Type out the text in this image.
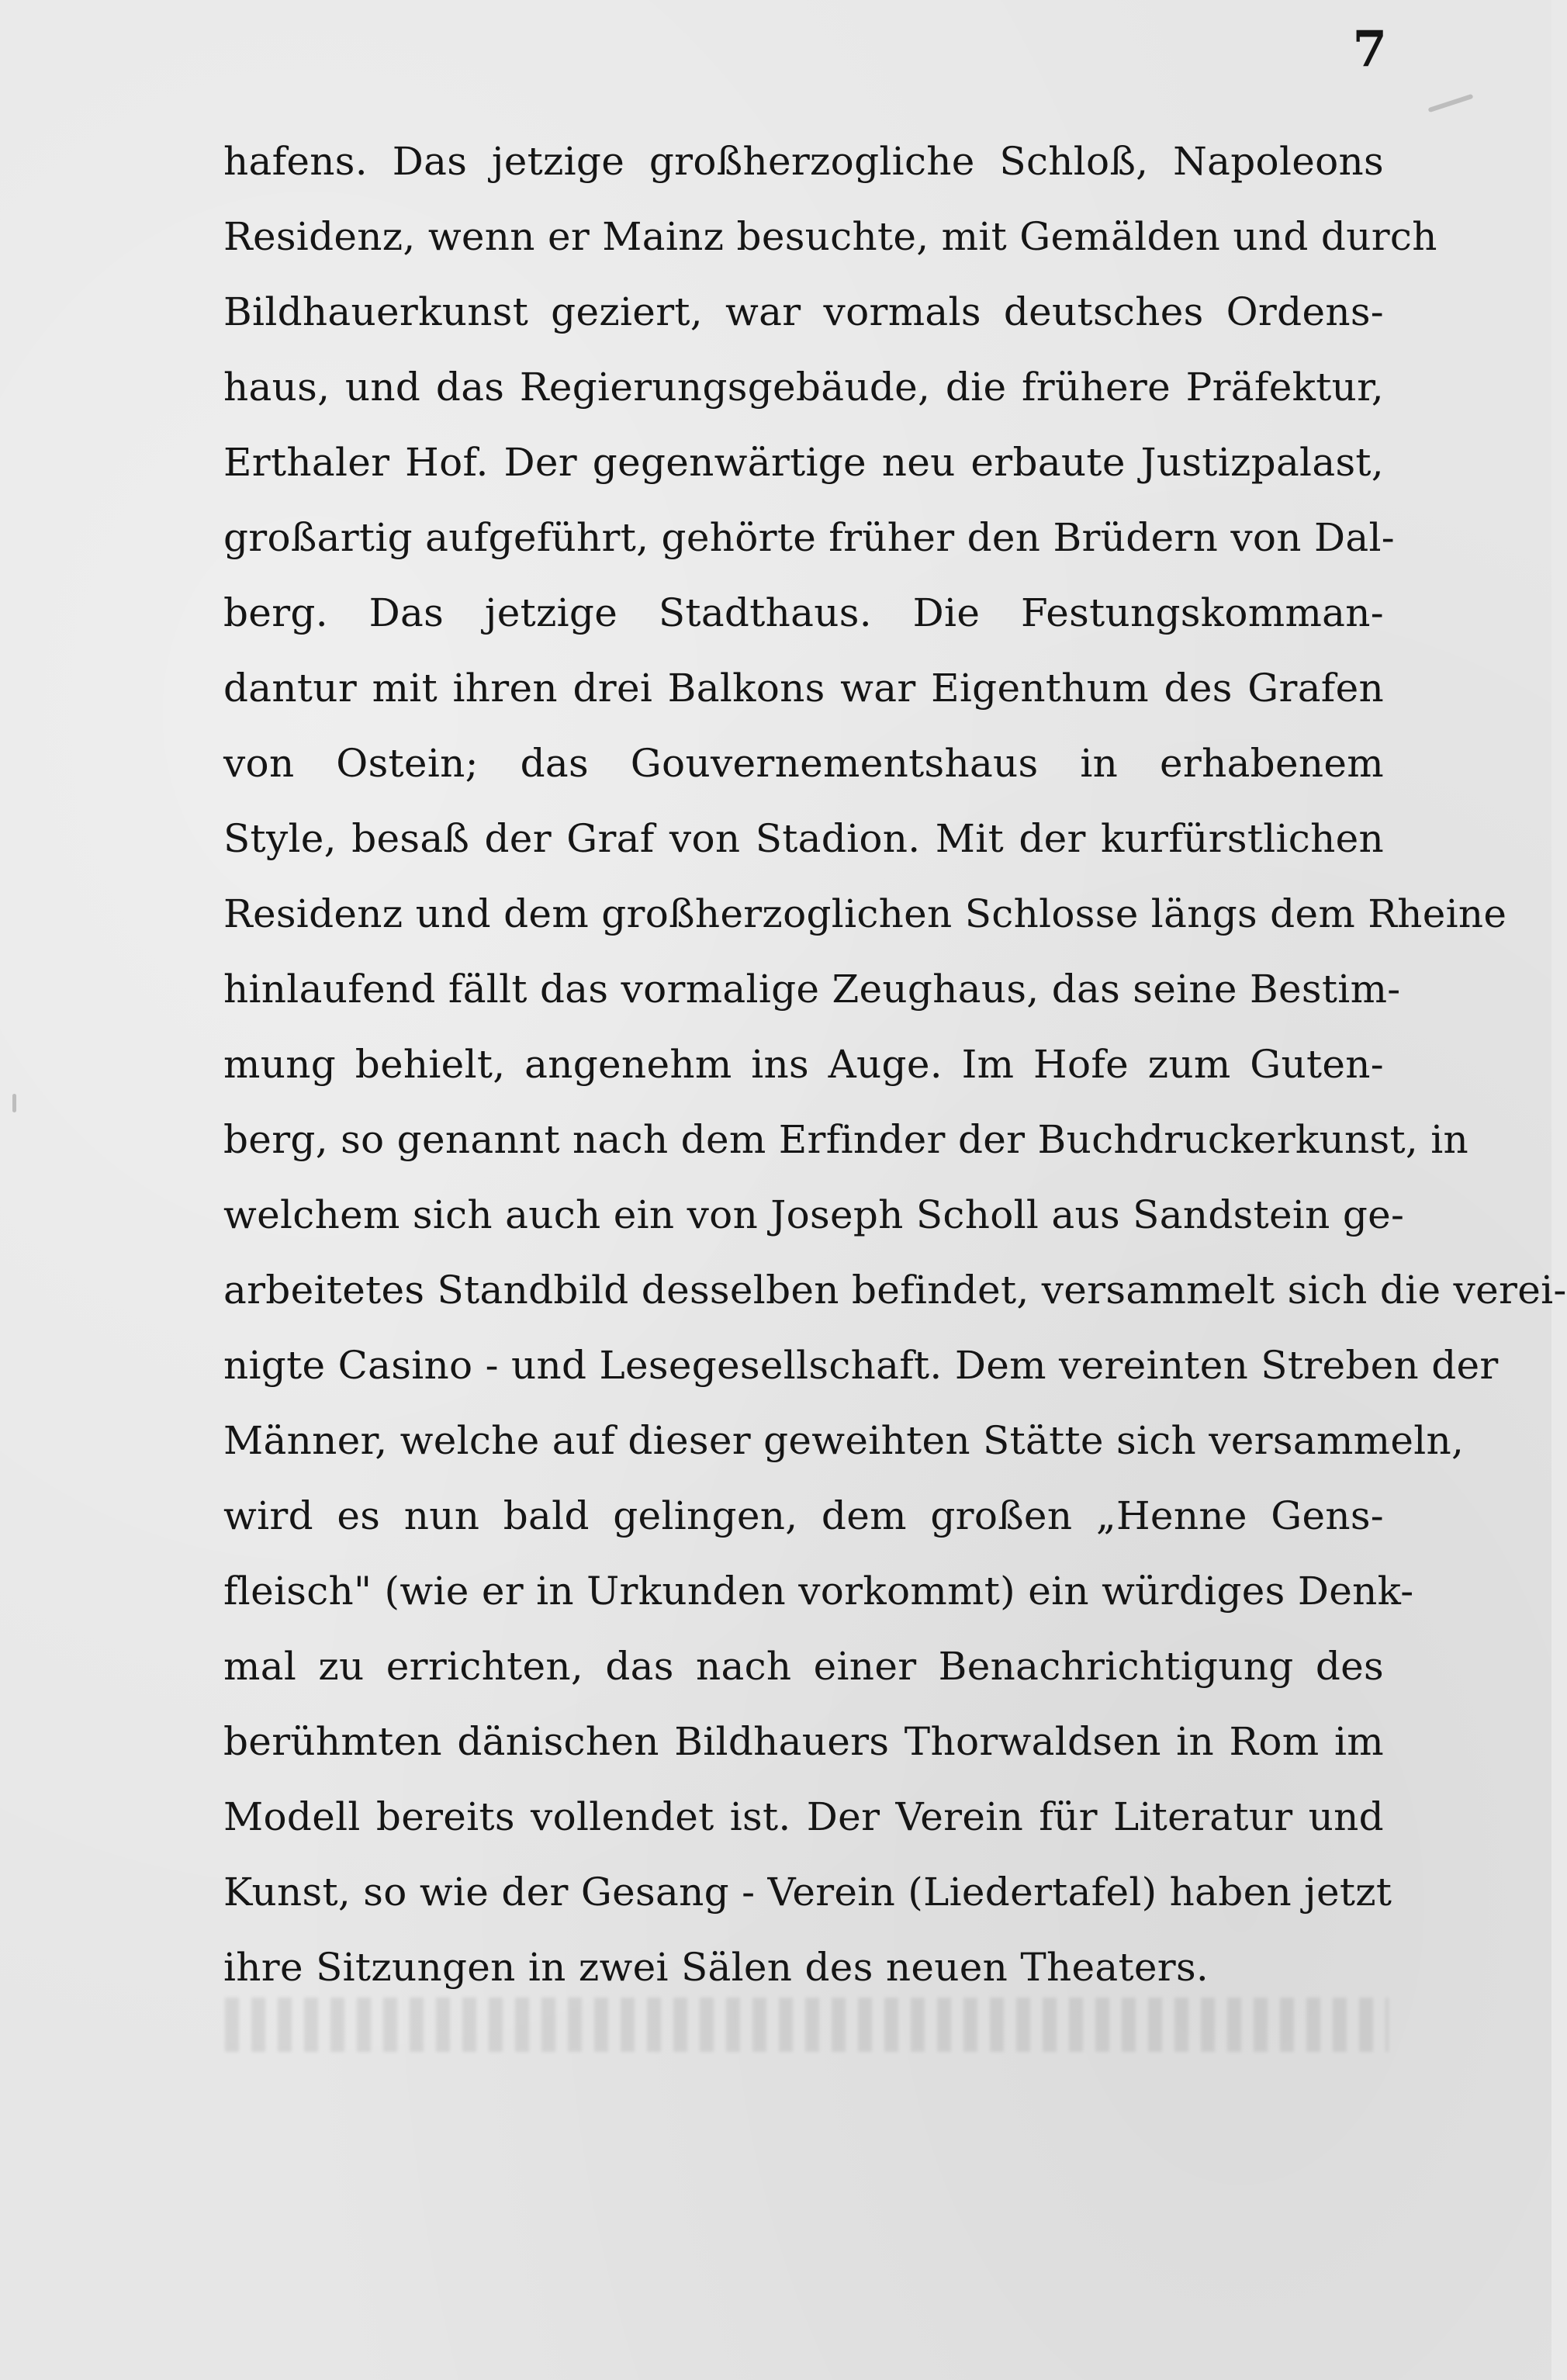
7
hafens. Das jetzige großherzogliche Schloß, Napoleons
Residenz, wenn er Mainz besuchte, mit Gemälden und durch
Bildhauerkunst geziert, war vormals deutsches Ordens-
haus, und das Regierungsgebäude, die frühere Präfektur,
Erthaler Hof. Der gegenwärtige neu erbaute Justizpalast,
großartig aufgeführt, gehörte früher den Brüdern von Dal-
berg. Das jetzige Stadthaus. Die Festungskomman-
dantur mit ihren drei Balkons war Eigenthum des Grafen
von Ostein; das Gouvernementshaus in erhabenem
Style, besaß der Graf von Stadion. Mit der kurfürstlichen
Residenz und dem großherzoglichen Schlosse längs dem Rheine
hinlaufend fällt das vormalige Zeughaus, das seine Bestim-
mung behielt, angenehm ins Auge. Im Hofe zum Guten-
berg, so genannt nach dem Erfinder der Buchdruckerkunst, in
welchem sich auch ein von Joseph Scholl aus Sandstein ge-
arbeitetes Standbild desselben befindet, versammelt sich die verei-
nigte Casino - und Lesegesellschaft. Dem vereinten Streben der
Männer, welche auf dieser geweihten Stätte sich versammeln,
wird es nun bald gelingen, dem großen „Henne Gens-
fleisch" (wie er in Urkunden vorkommt) ein würdiges Denk-
mal zu errichten, das nach einer Benachrichtigung des
berühmten dänischen Bildhauers Thorwaldsen in Rom im
Modell bereits vollendet ist. Der Verein für Literatur und
Kunst, so wie der Gesang - Verein (Liedertafel) haben jetzt
ihre Sitzungen in zwei Sälen des neuen Theaters.
